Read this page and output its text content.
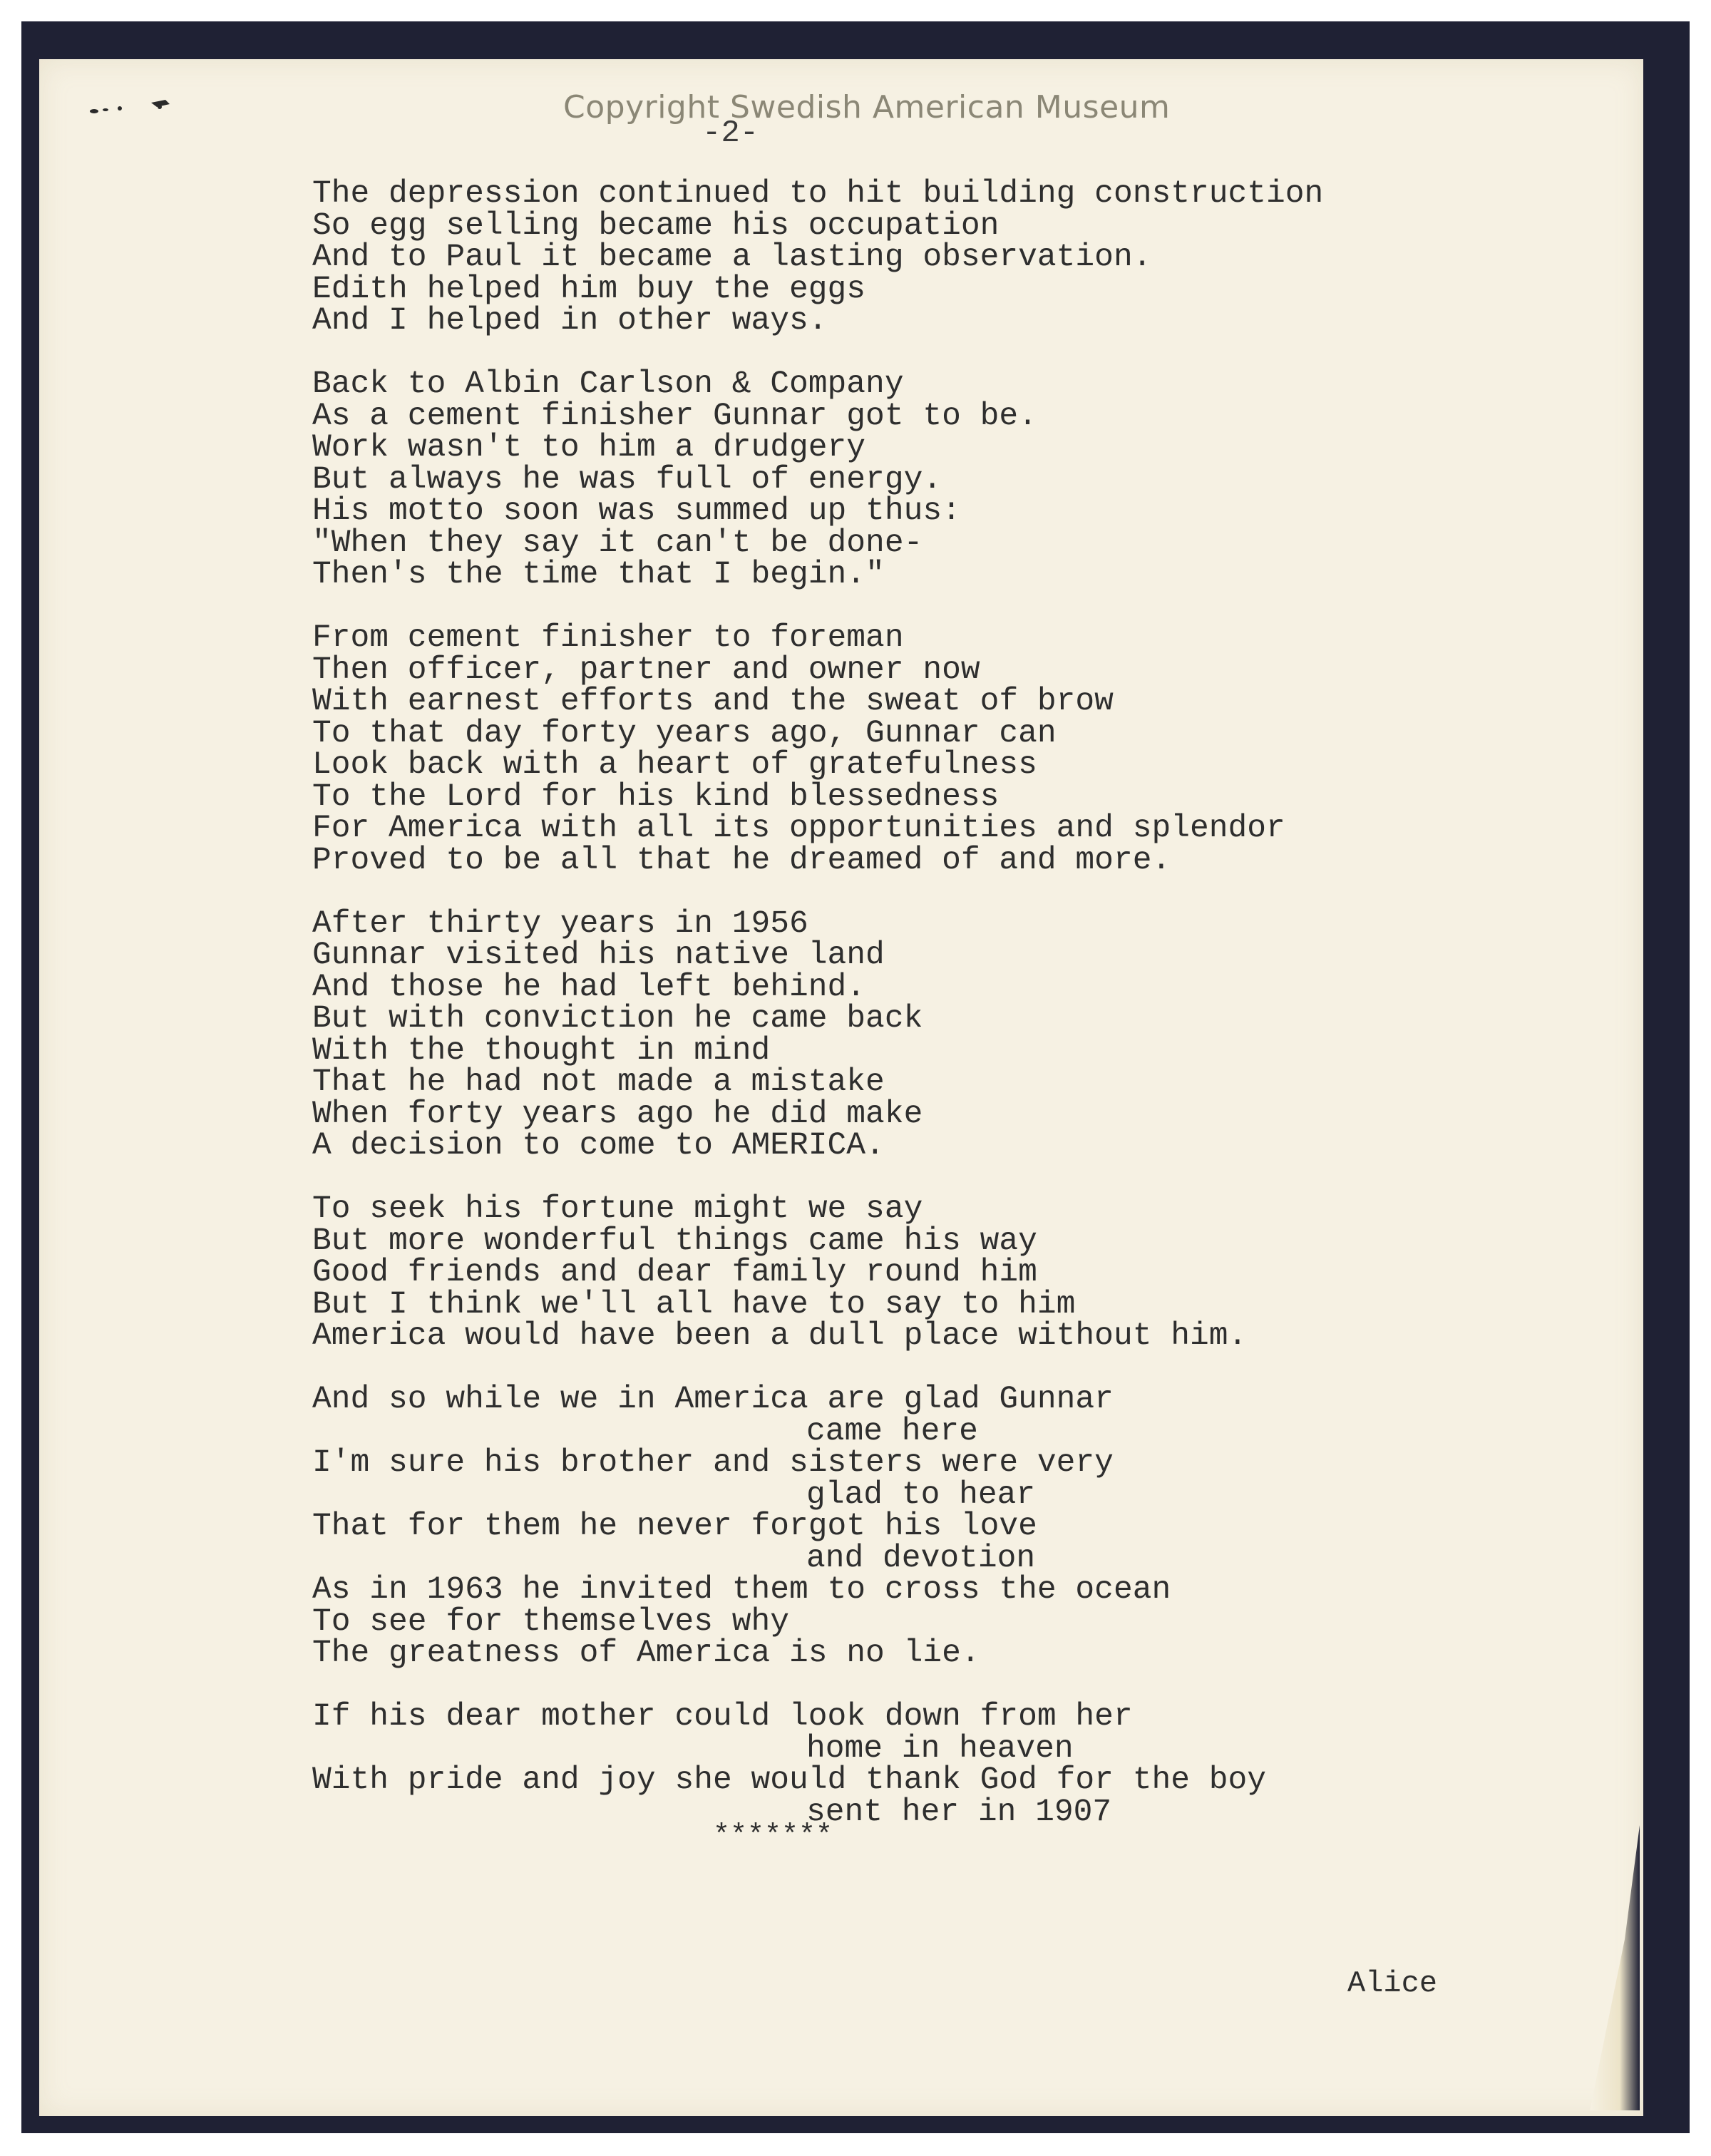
Copyright Swedish American Museum
-2-
The depression continued to hit building construction
So egg selling became his occupation
And to Paul it became a lasting observation.
Edith helped him buy the eggs
And I helped in other ways.
Back to Albin Carlson & Company
As a cement finisher Gunnar got to be.
Work wasn't to him a drudgery
But always he was full of energy.
His motto soon was summed up thus:
"When they say it can't be done-
Then's the time that I begin."
From cement finisher to foreman
Then officer, partner and owner now
With earnest efforts and the sweat of brow
To that day forty years ago, Gunnar can
Look back with a heart of gratefulness
To the Lord for his kind blessedness
For America with all its opportunities and splendor
Proved to be all that he dreamed of and more.
After thirty years in 1956
Gunnar visited his native land
And those he had left behind.
But with conviction he came back
With the thought in mind
That he had not made a mistake
When forty years ago he did make
A decision to come to AMERICA.
To seek his fortune might we say
But more wonderful things came his way
Good friends and dear family round him
But I think we'll all have to say to him
America would have been a dull place without him.
And so while we in America are glad Gunnar
came here
I'm sure his brother and sisters were very
glad to hear
That for them he never forgot his love
and devotion
As in 1963 he invited them to cross the ocean
To see for themselves why
The greatness of America is no lie.
If his dear mother could look down from her
home in heaven
With pride and joy she would thank God for the boy
sent her in 1907
*******
Alice
